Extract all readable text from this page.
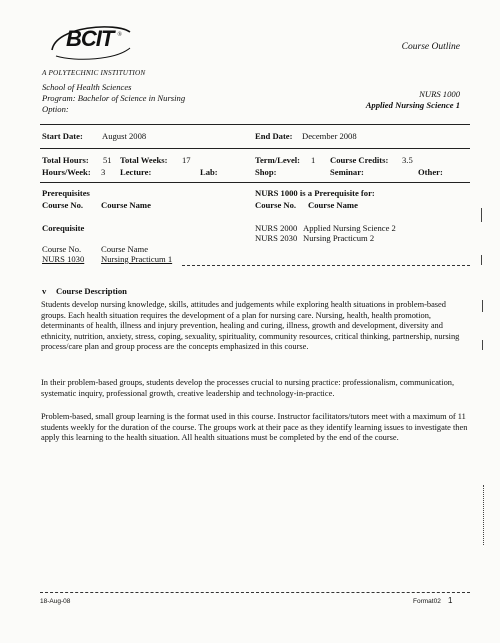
BCIT ®
A POLYTECHNIC INSTITUTION
Course Outline
School of Health Sciences
Program: Bachelor of Science in Nursing
Option:
NURS 1000
Applied Nursing Science 1
Start Date: August 2008	End Date: December 2008
Total Hours: 51 Total Weeks: 17	Term/Level: 1 Course Credits: 3.5
Hours/Week: 3 Lecture:	Lab:	Shop:	Seminar:	Other:
Prerequisites
Course No. Course Name
NURS 1000 is a Prerequisite for:
Course No. Course Name
NURS 2000 Applied Nursing Science 2
NURS 2030 Nursing Practicum 2
Corequisite
Course No. Course Name
NURS 1030 Nursing Practicum 1
v Course Description
Students develop nursing knowledge, skills, attitudes and judgements while exploring health situations in problem-based groups. Each health situation requires the development of a plan for nursing care. Nursing, health, health promotion, determinants of health, illness and injury prevention, healing and curing, illness, growth and development, diversity and ethnicity, nutrition, anxiety, stress, coping, sexuality, spirituality, community resources, critical thinking, partnership, nursing process/care plan and group process are the concepts emphasized in this course.
In their problem-based groups, students develop the processes crucial to nursing practice: professionalism, communication, systematic inquiry, professional growth, creative leadership and technology-in-practice.
Problem-based, small group learning is the format used in this course. Instructor facilitators/tutors meet with a maximum of 11 students weekly for the duration of the course. The groups work at their pace as they identify learning issues to investigate then apply this learning to the health situation. All health situations must be completed by the end of the course.
18-Aug-08	Format02 1
